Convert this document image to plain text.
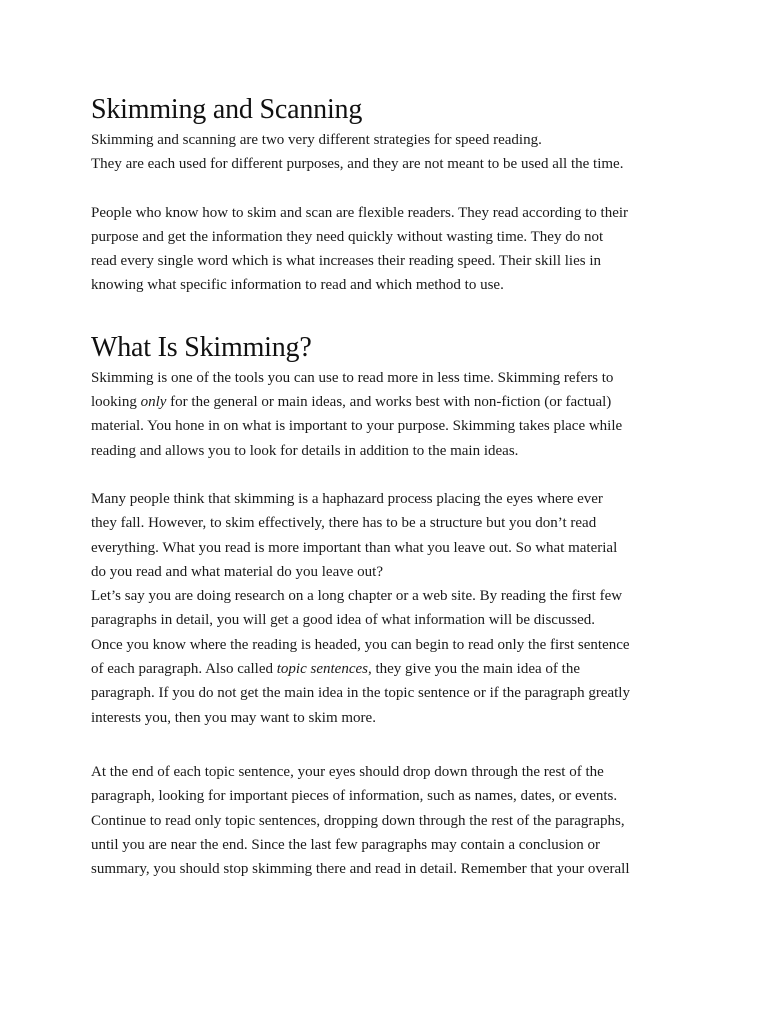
Skimming and Scanning

Skimming and scanning are two very different strategies for speed reading.
They are each used for different purposes, and they are not meant to be used all the time.

People who know how to skim and scan are flexible readers. They read according to their
purpose and get the information they need quickly without wasting time. They do not
read every single word which is what increases their reading speed. Their skill lies in
knowing what specific information to read and which method to use.

What Is Skimming?

Skimming is one of the tools you can use to read more in less time. Skimming refers to
looking only for the general or main ideas, and works best with non-fiction (or factual)
material. You hone in on what is important to your purpose. Skimming takes place while
reading and allows you to look for details in addition to the main ideas.

Many people think that skimming is a haphazard process placing the eyes where ever
they fall. However, to skim effectively, there has to be a structure but you don’t read
everything. What you read is more important than what you leave out. So what material
do you read and what material do you leave out?

Let’s say you are doing research on a long chapter or a web site. By reading the first few
paragraphs in detail, you will get a good idea of what information will be discussed.
Once you know where the reading is headed, you can begin to read only the first sentence
of each paragraph. Also called topic sentences, they give you the main idea of the
paragraph. If you do not get the main idea in the topic sentence or if the paragraph greatly
interests you, then you may want to skim more.

At the end of each topic sentence, your eyes should drop down through the rest of the
paragraph, looking for important pieces of information, such as names, dates, or events.
Continue to read only topic sentences, dropping down through the rest of the paragraphs,
until you are near the end. Since the last few paragraphs may contain a conclusion or
summary, you should stop skimming there and read in detail. Remember that your overall
